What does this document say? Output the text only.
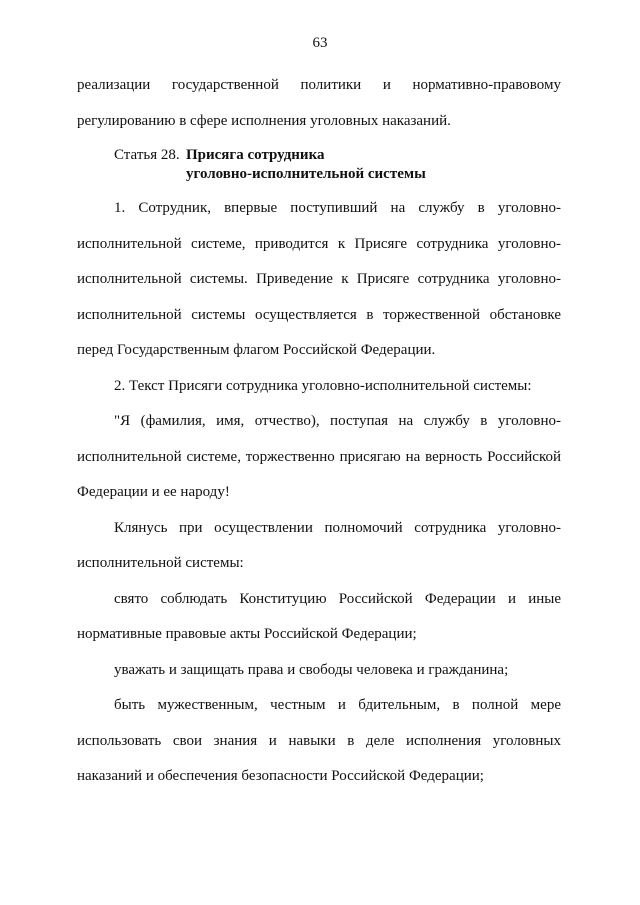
63

реализации государственной политики и нормативно-правовому

регулированию в сфере исполнения уголовных наказаний.

Статья 28. Присяга сотрудника
уголовно-исполнительной системы

1. Сотрудник, впервые поступивший на службу в уголовно-исполнительной системе, приводится к Присяге сотрудника уголовно-исполнительной системы. Приведение к Присяге сотрудника уголовно-исполнительной системы осуществляется в торжественной обстановке перед Государственным флагом Российской Федерации.

2. Текст Присяги сотрудника уголовно-исполнительной системы:

"Я (фамилия, имя, отчество), поступая на службу в уголовно-исполнительной системе, торжественно присягаю на верность Российской Федерации и ее народу!

Клянусь при осуществлении полномочий сотрудника уголовно-исполнительной системы:

свято соблюдать Конституцию Российской Федерации и иные нормативные правовые акты Российской Федерации;

уважать и защищать права и свободы человека и гражданина;

быть мужественным, честным и бдительным, в полной мере использовать свои знания и навыки в деле исполнения уголовных наказаний и обеспечения безопасности Российской Федерации;
